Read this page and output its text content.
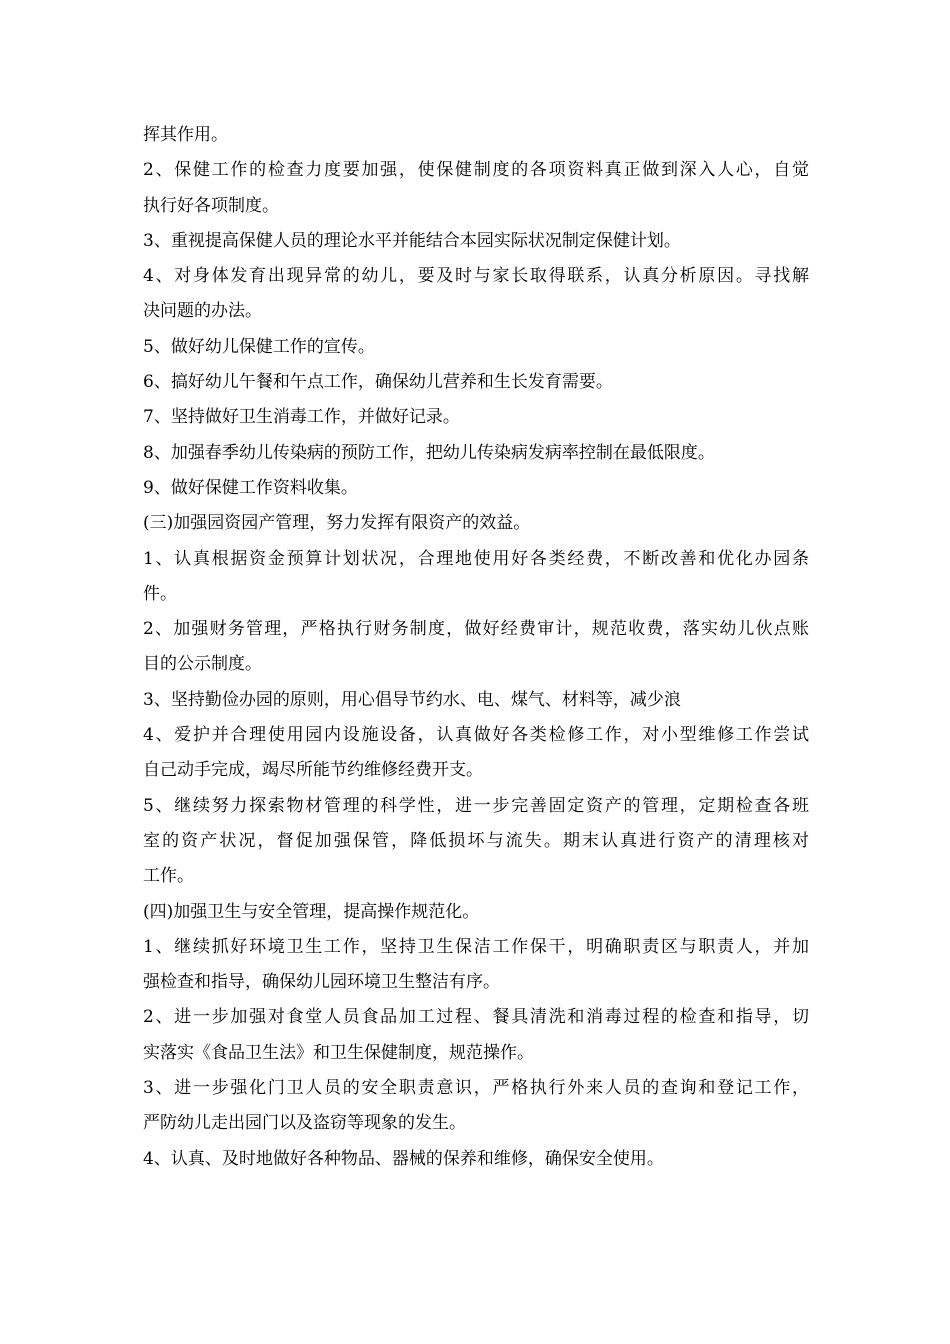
挥其作用。
2、保健工作的检查力度要加强，使保健制度的各项资料真正做到深入人心，自觉
执行好各项制度。
3、重视提高保健人员的理论水平并能结合本园实际状况制定保健计划。
4、对身体发育出现异常的幼儿，要及时与家长取得联系，认真分析原因。寻找解
决问题的办法。
5、做好幼儿保健工作的宣传。
6、搞好幼儿午餐和午点工作，确保幼儿营养和生长发育需要。
7、坚持做好卫生消毒工作，并做好记录。
8、加强春季幼儿传染病的预防工作，把幼儿传染病发病率控制在最低限度。
9、做好保健工作资料收集。
(三)加强园资园产管理，努力发挥有限资产的效益。
1、认真根据资金预算计划状况，合理地使用好各类经费，不断改善和优化办园条
件。
2、加强财务管理，严格执行财务制度，做好经费审计，规范收费，落实幼儿伙点账
目的公示制度。
3、坚持勤俭办园的原则，用心倡导节约水、电、煤气、材料等，减少浪
4、爱护并合理使用园内设施设备，认真做好各类检修工作，对小型维修工作尝试
自己动手完成，竭尽所能节约维修经费开支。
5、继续努力探索物材管理的科学性，进一步完善固定资产的管理，定期检查各班
室的资产状况，督促加强保管，降低损坏与流失。期末认真进行资产的清理核对
工作。
(四)加强卫生与安全管理，提高操作规范化。
1、继续抓好环境卫生工作，坚持卫生保洁工作保干，明确职责区与职责人，并加
强检查和指导，确保幼儿园环境卫生整洁有序。
2、进一步加强对食堂人员食品加工过程、餐具清洗和消毒过程的检查和指导，切
实落实《食品卫生法》和卫生保健制度，规范操作。
3、进一步强化门卫人员的安全职责意识，严格执行外来人员的查询和登记工作，
严防幼儿走出园门以及盗窃等现象的发生。
4、认真、及时地做好各种物品、器械的保养和维修，确保安全使用。
